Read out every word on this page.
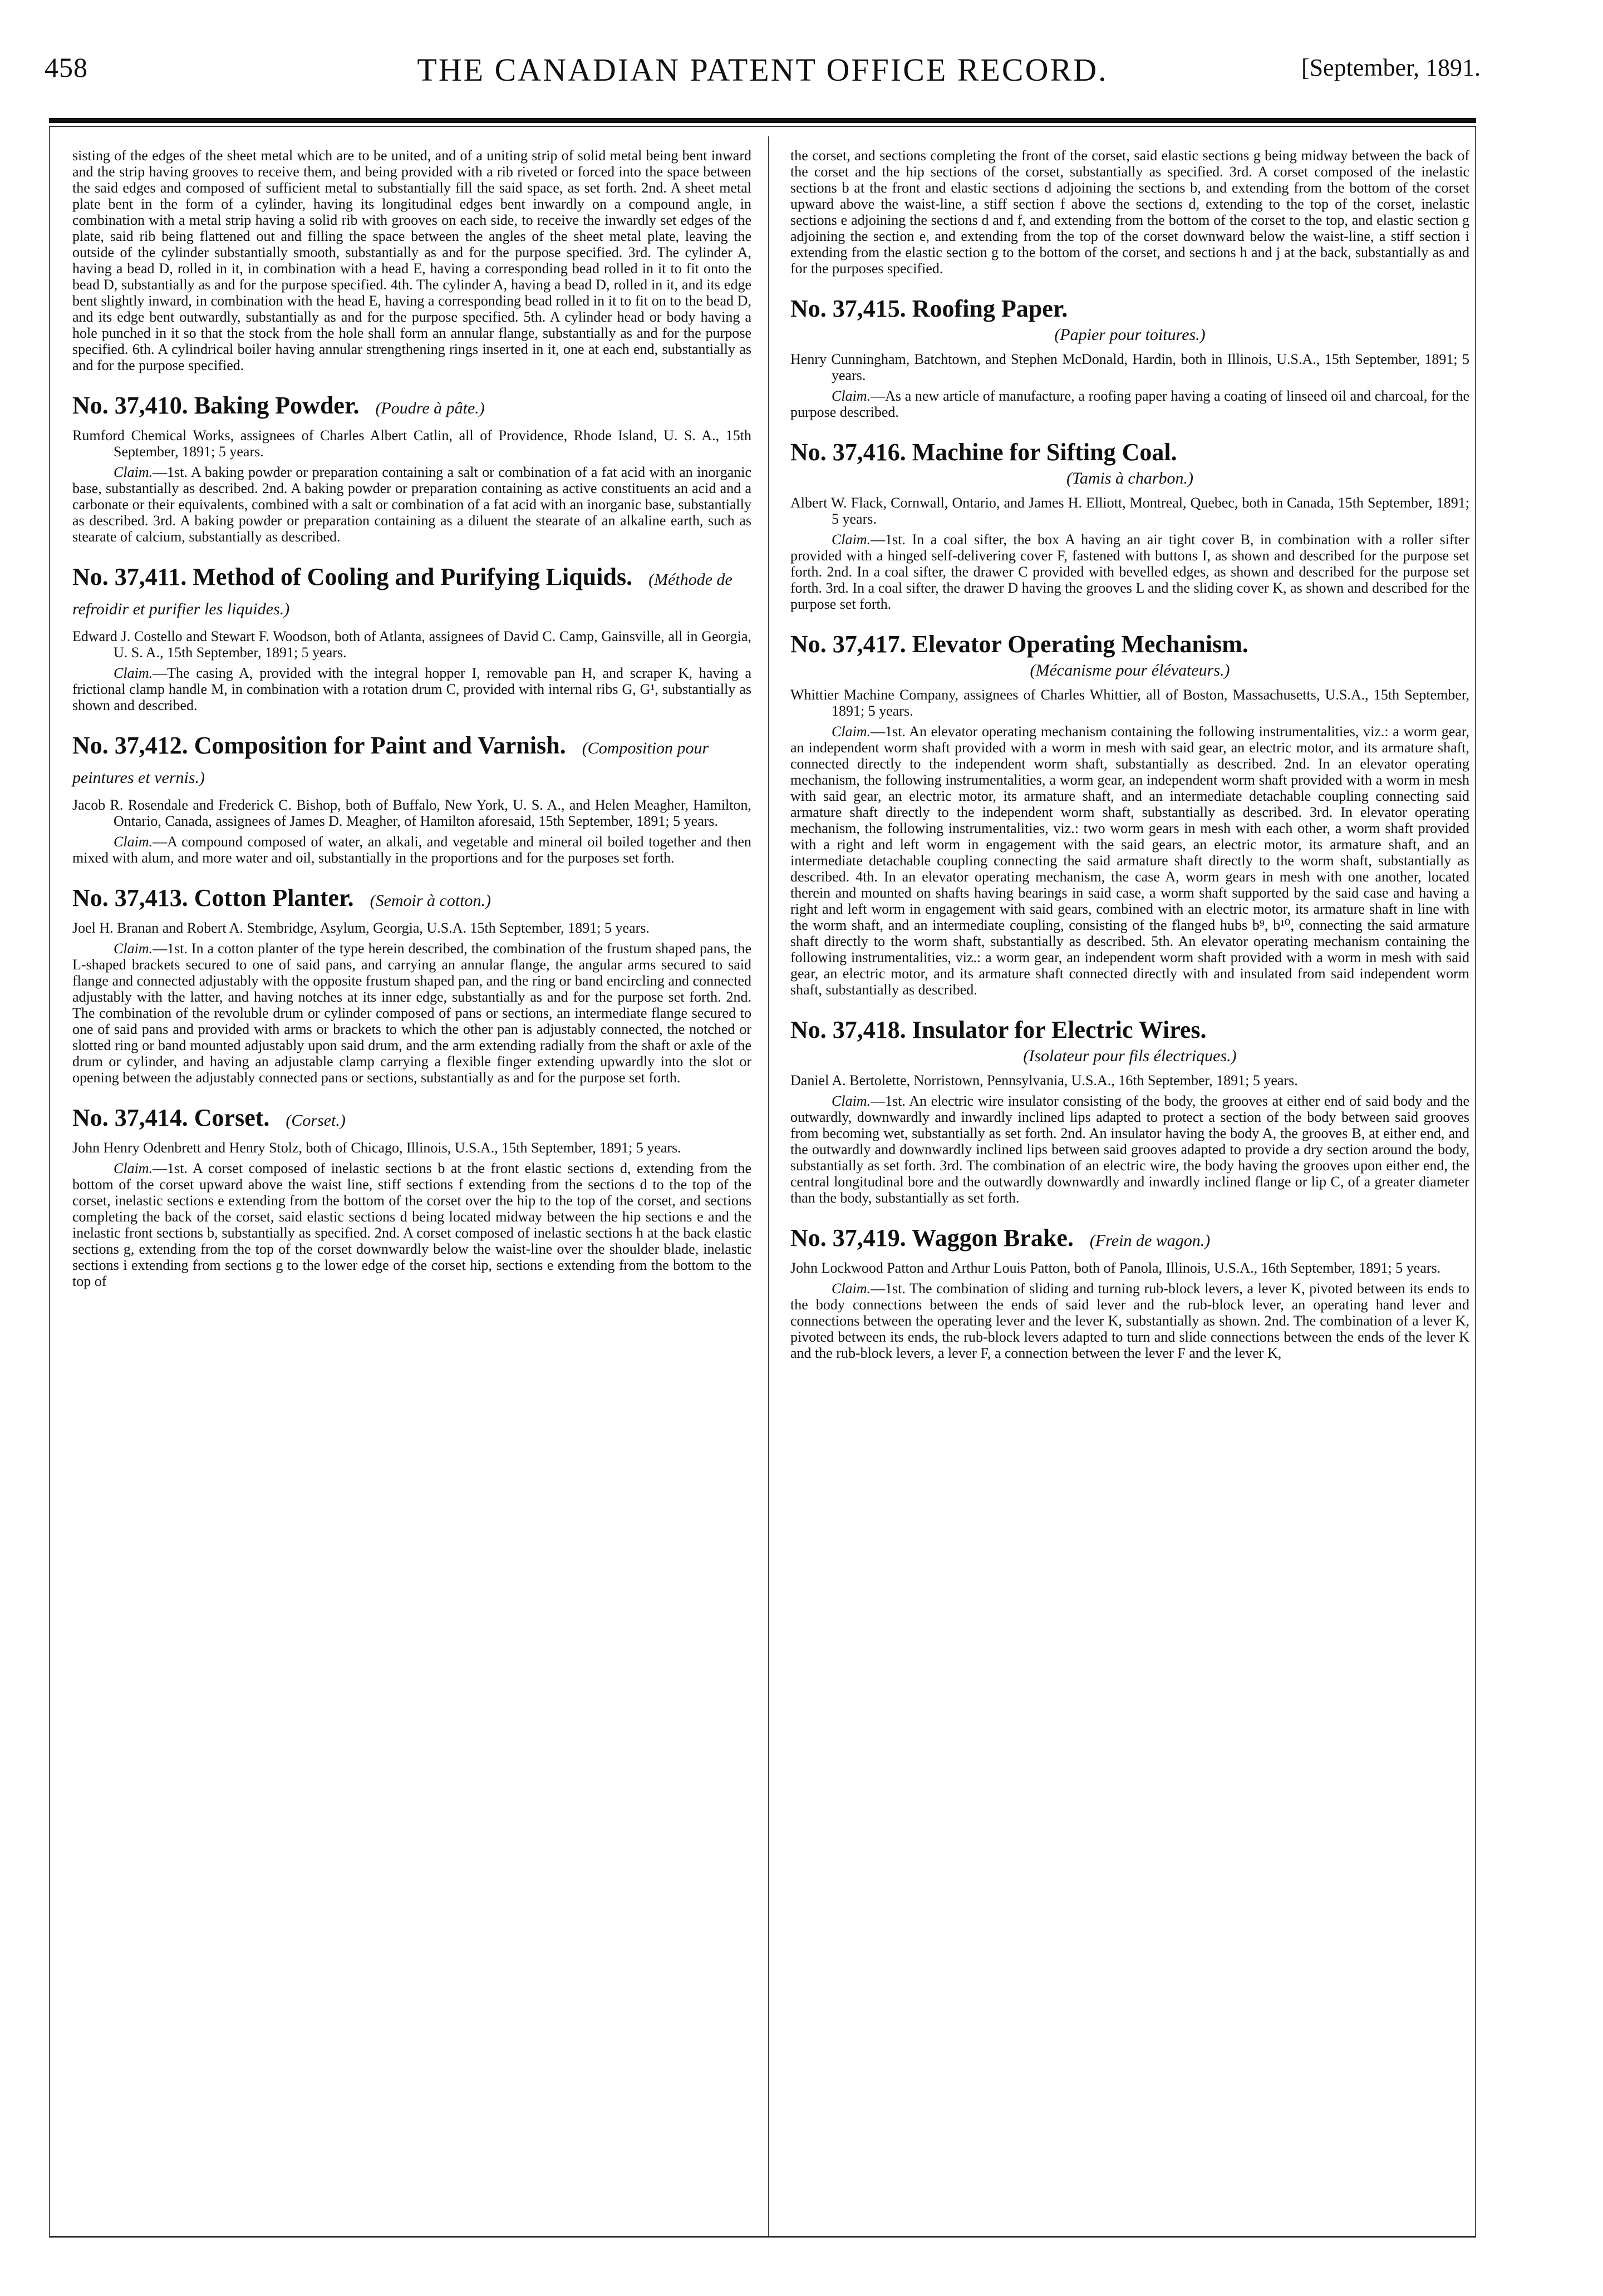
458	THE CANADIAN PATENT OFFICE RECORD.	[September, 1891.

sisting of the edges of the sheet metal which are to be united, and of a uniting strip of solid metal being bent inward and the strip having grooves to receive them, and being provided with a rib riveted or forced into the space between the said edges and composed of sufficient metal to substantially fill the said space, as set forth. 2nd. A sheet metal plate bent in the form of a cylinder, having its longitudinal edges bent inwardly on a compound angle, in combination with a metal strip having a solid rib with grooves on each side, to receive the inwardly set edges of the plate, said rib being flattened out and filling the space between the angles of the sheet metal plate, leaving the outside of the cylinder substantially smooth, substantially as and for the purpose specified. 3rd. The cylinder A, having a bead D, rolled in it, in combination with a head E, having a corresponding bead rolled in it to fit onto the bead D, substantially as and for the purpose specified. 4th. The cylinder A, having a bead D, rolled in it, and its edge bent slightly inward, in combination with the head E, having a corresponding bead rolled in it to fit on to the bead D, and its edge bent outwardly, substantially as and for the purpose specified. 5th. A cylinder head or body having a hole punched in it so that the stock from the hole shall form an annular flange, substantially as and for the purpose specified. 6th. A cylindrical boiler having annular strengthening rings inserted in it, one at each end, substantially as and for the purpose specified.

No. 37,410. Baking Powder. (Poudre à pâte.)

Rumford Chemical Works, assignees of Charles Albert Catlin, all of Providence, Rhode Island, U. S. A., 15th September, 1891; 5 years.

Claim.—1st. A baking powder or preparation containing a salt or combination of a fat acid with an inorganic base, substantially as described. 2nd. A baking powder or preparation containing as active constituents an acid and a carbonate or their equivalents, combined with a salt or combination of a fat acid with an inorganic base, substantially as described. 3rd. A baking powder or preparation containing as a diluent the stearate of an alkaline earth, such as stearate of calcium, substantially as described.

No. 37,411. Method of Cooling and Purifying Liquids. (Méthode de refroidir et purifier les liquides.)

Edward J. Costello and Stewart F. Woodson, both of Atlanta, assignees of David C. Camp, Gainsville, all in Georgia, U. S. A., 15th September, 1891; 5 years.

Claim.—The casing A, provided with the integral hopper I, removable pan H, and scraper K, having a frictional clamp handle M, in combination with a rotation drum C, provided with internal ribs G, G¹, substantially as shown and described.

No. 37,412. Composition for Paint and Varnish. (Composition pour peintures et vernis.)

Jacob R. Rosendale and Frederick C. Bishop, both of Buffalo, New York, U. S. A., and Helen Meagher, Hamilton, Ontario, Canada, assignees of James D. Meagher, of Hamilton aforesaid, 15th September, 1891; 5 years.

Claim.—A compound composed of water, an alkali, and vegetable and mineral oil boiled together and then mixed with alum, and more water and oil, substantially in the proportions and for the purposes set forth.

No. 37,413. Cotton Planter. (Semoir à cotton.)

Joel H. Branan and Robert A. Stembridge, Asylum, Georgia, U.S.A. 15th September, 1891; 5 years.

Claim.—1st. In a cotton planter of the type herein described, the combination of the frustum shaped pans, the L-shaped brackets secured to one of said pans, and carrying an annular flange, the angular arms secured to said flange and connected adjustably with the opposite frustum shaped pan, and the ring or band encircling and connected adjustably with the latter, and having notches at its inner edge, substantially as and for the purpose set forth. 2nd. The combination of the revoluble drum or cylinder composed of pans or sections, an intermediate flange secured to one of said pans and provided with arms or brackets to which the other pan is adjustably connected, the notched or slotted ring or band mounted adjustably upon said drum, and the arm extending radially from the shaft or axle of the drum or cylinder, and having an adjustable clamp carrying a flexible finger extending upwardly into the slot or opening between the adjustably connected pans or sections, substantially as and for the purpose set forth.

No. 37,414. Corset. (Corset.)

John Henry Odenbrett and Henry Stolz, both of Chicago, Illinois, U.S.A., 15th September, 1891; 5 years.

Claim.—1st. A corset composed of inelastic sections b at the front elastic sections d, extending from the bottom of the corset upward above the waist line, stiff sections f extending from the sections d to the top of the corset, inelastic sections e extending from the bottom of the corset over the hip to the top of the corset, and sections completing the back of the corset, said elastic sections d being located midway between the hip sections e and the inelastic front sections b, substantially as specified. 2nd. A corset composed of inelastic sections h at the back elastic sections g, extending from the top of the corset downwardly below the waist-line over the shoulder blade, inelastic sections i extending from sections g to the lower edge of the corset hip, sections e extending from the bottom to the top of

the corset, and sections completing the front of the corset, said elastic sections g being midway between the back of the corset and the hip sections of the corset, substantially as specified. 3rd. A corset composed of the inelastic sections b at the front and elastic sections d adjoining the sections b, and extending from the bottom of the corset upward above the waist-line, a stiff section f above the sections d, extending to the top of the corset, inelastic sections e adjoining the sections d and f, and extending from the bottom of the corset to the top, and elastic section g adjoining the section e, and extending from the top of the corset downward below the waist-line, a stiff section i extending from the elastic section g to the bottom of the corset, and sections h and j at the back, substantially as and for the purposes specified.

No. 37,415. Roofing Paper.
(Papier pour toitures.)

Henry Cunningham, Batchtown, and Stephen McDonald, Hardin, both in Illinois, U.S.A., 15th September, 1891; 5 years.

Claim.—As a new article of manufacture, a roofing paper having a coating of linseed oil and charcoal, for the purpose described.

No. 37,416. Machine for Sifting Coal.
(Tamis à charbon.)

Albert W. Flack, Cornwall, Ontario, and James H. Elliott, Montreal, Quebec, both in Canada, 15th September, 1891; 5 years.

Claim.—1st. In a coal sifter, the box A having an air tight cover B, in combination with a roller sifter provided with a hinged self-delivering cover F, fastened with buttons I, as shown and described for the purpose set forth. 2nd. In a coal sifter, the drawer C provided with bevelled edges, as shown and described for the purpose set forth. 3rd. In a coal sifter, the drawer D having the grooves L and the sliding cover K, as shown and described for the purpose set forth.

No. 37,417. Elevator Operating Mechanism.
(Mécanisme pour élévateurs.)

Whittier Machine Company, assignees of Charles Whittier, all of Boston, Massachusetts, U.S.A., 15th September, 1891; 5 years.

Claim.—1st. An elevator operating mechanism containing the following instrumentalities, viz.: a worm gear, an independent worm shaft provided with a worm in mesh with said gear, an electric motor, and its armature shaft, connected directly to the independent worm shaft, substantially as described. 2nd. In an elevator operating mechanism, the following instrumentalities, a worm gear, an independent worm shaft provided with a worm in mesh with said gear, an electric motor, its armature shaft, and an intermediate detachable coupling connecting said armature shaft directly to the independent worm shaft, substantially as described. 3rd. In elevator operating mechanism, the following instrumentalities, viz.: two worm gears in mesh with each other, a worm shaft provided with a right and left worm in engagement with the said gears, an electric motor, its armature shaft, and an intermediate detachable coupling connecting the said armature shaft directly to the worm shaft, substantially as described. 4th. In an elevator operating mechanism, the case A, worm gears in mesh with one another, located therein and mounted on shafts having bearings in said case, a worm shaft supported by the said case and having a right and left worm in engagement with said gears, combined with an electric motor, its armature shaft in line with the worm shaft, and an intermediate coupling, consisting of the flanged hubs b⁹, b¹⁰, connecting the said armature shaft directly to the worm shaft, substantially as described. 5th. An elevator operating mechanism containing the following instrumentalities, viz.: a worm gear, an independent worm shaft provided with a worm in mesh with said gear, an electric motor, and its armature shaft connected directly with and insulated from said independent worm shaft, substantially as described.

No. 37,418. Insulator for Electric Wires.
(Isolateur pour fils électriques.)

Daniel A. Bertolette, Norristown, Pennsylvania, U.S.A., 16th September, 1891; 5 years.

Claim.—1st. An electric wire insulator consisting of the body, the grooves at either end of said body and the outwardly, downwardly and inwardly inclined lips adapted to protect a section of the body between said grooves from becoming wet, substantially as set forth. 2nd. An insulator having the body A, the grooves B, at either end, and the outwardly and downwardly inclined lips between said grooves adapted to provide a dry section around the body, substantially as set forth. 3rd. The combination of an electric wire, the body having the grooves upon either end, the central longitudinal bore and the outwardly downwardly and inwardly inclined flange or lip C, of a greater diameter than the body, substantially as set forth.

No. 37,419. Waggon Brake. (Frein de wagon.)

John Lockwood Patton and Arthur Louis Patton, both of Panola, Illinois, U.S.A., 16th September, 1891; 5 years.

Claim.—1st. The combination of sliding and turning rub-block levers, a lever K, pivoted between its ends to the body connections between the ends of said lever and the rub-block lever, an operating hand lever and connections between the operating lever and the lever K, substantially as shown. 2nd. The combination of a lever K, pivoted between its ends, the rub-block levers adapted to turn and slide connections between the ends of the lever K and the rub-block levers, a lever F, a connection between the lever F and the lever K,
